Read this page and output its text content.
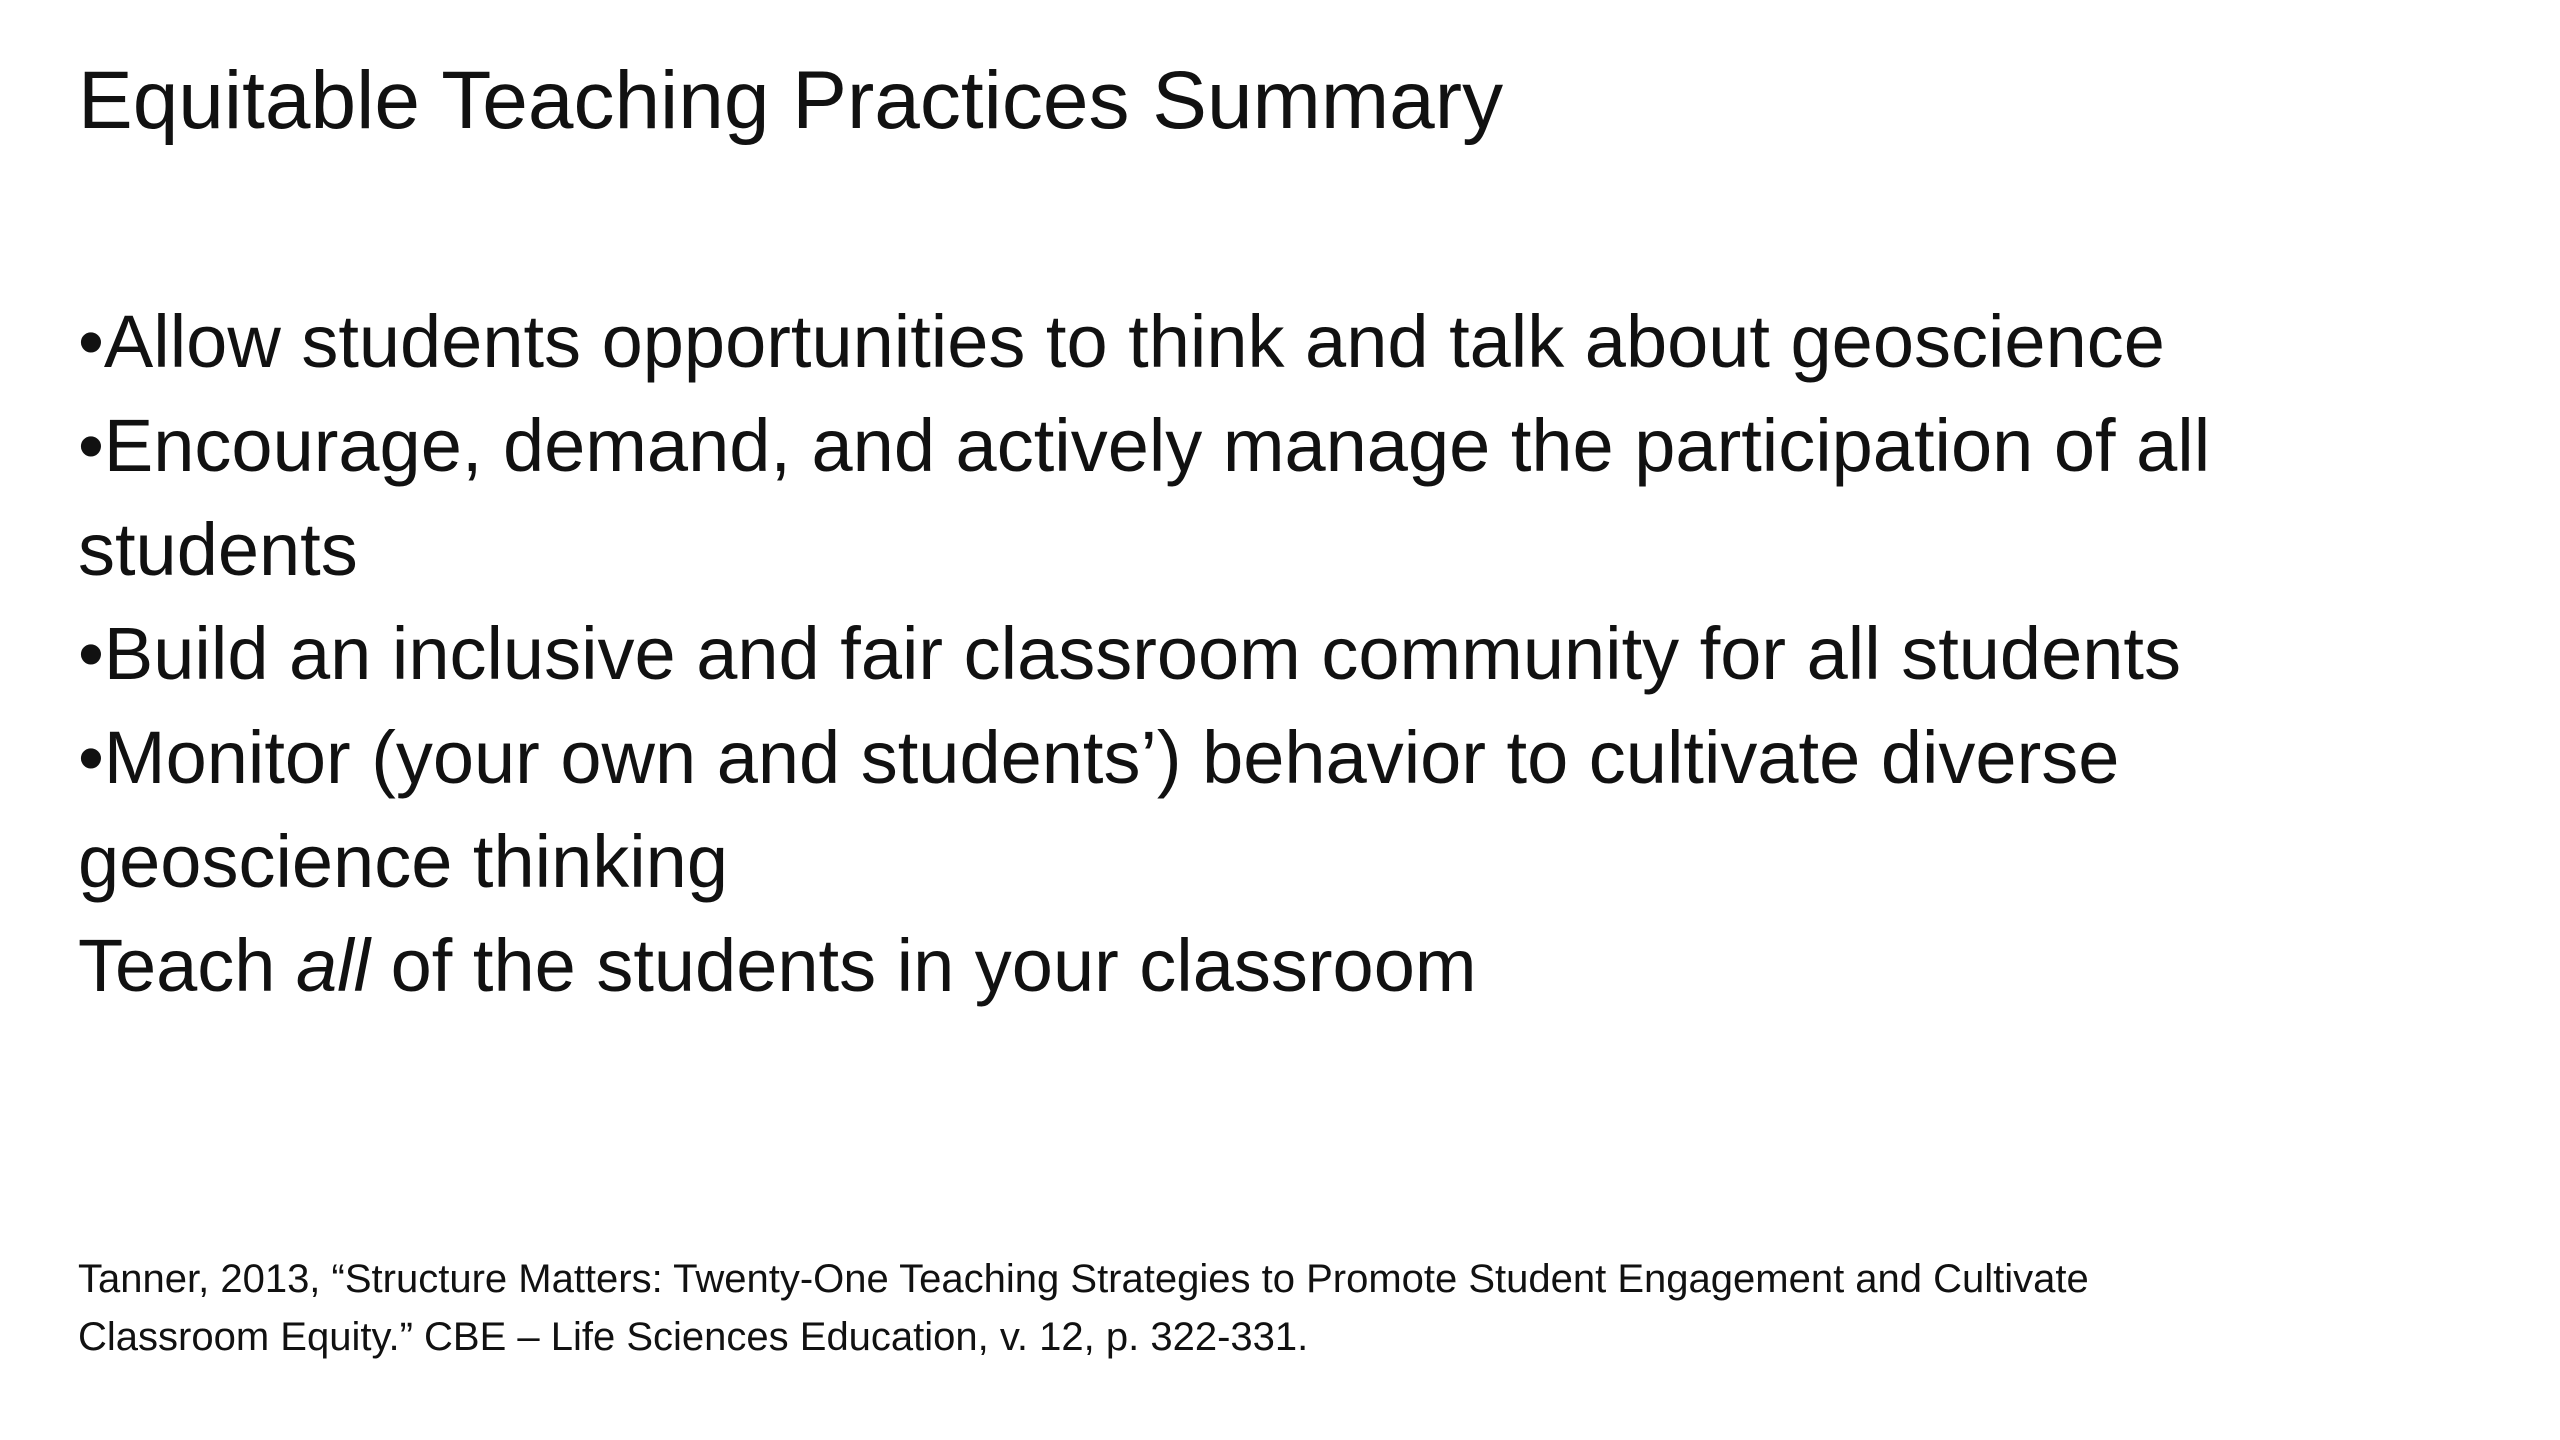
Equitable Teaching Practices Summary
•Allow students opportunities to think and talk about geoscience
•Encourage, demand, and actively manage the participation of all
students
•Build an inclusive and fair classroom community for all students
•Monitor (your own and students’) behavior to cultivate diverse
geoscience thinking
Teach all of the students in your classroom
Tanner, 2013, “Structure Matters: Twenty-One Teaching Strategies to Promote Student Engagement and Cultivate
Classroom Equity.” CBE – Life Sciences Education, v. 12, p. 322-331.
